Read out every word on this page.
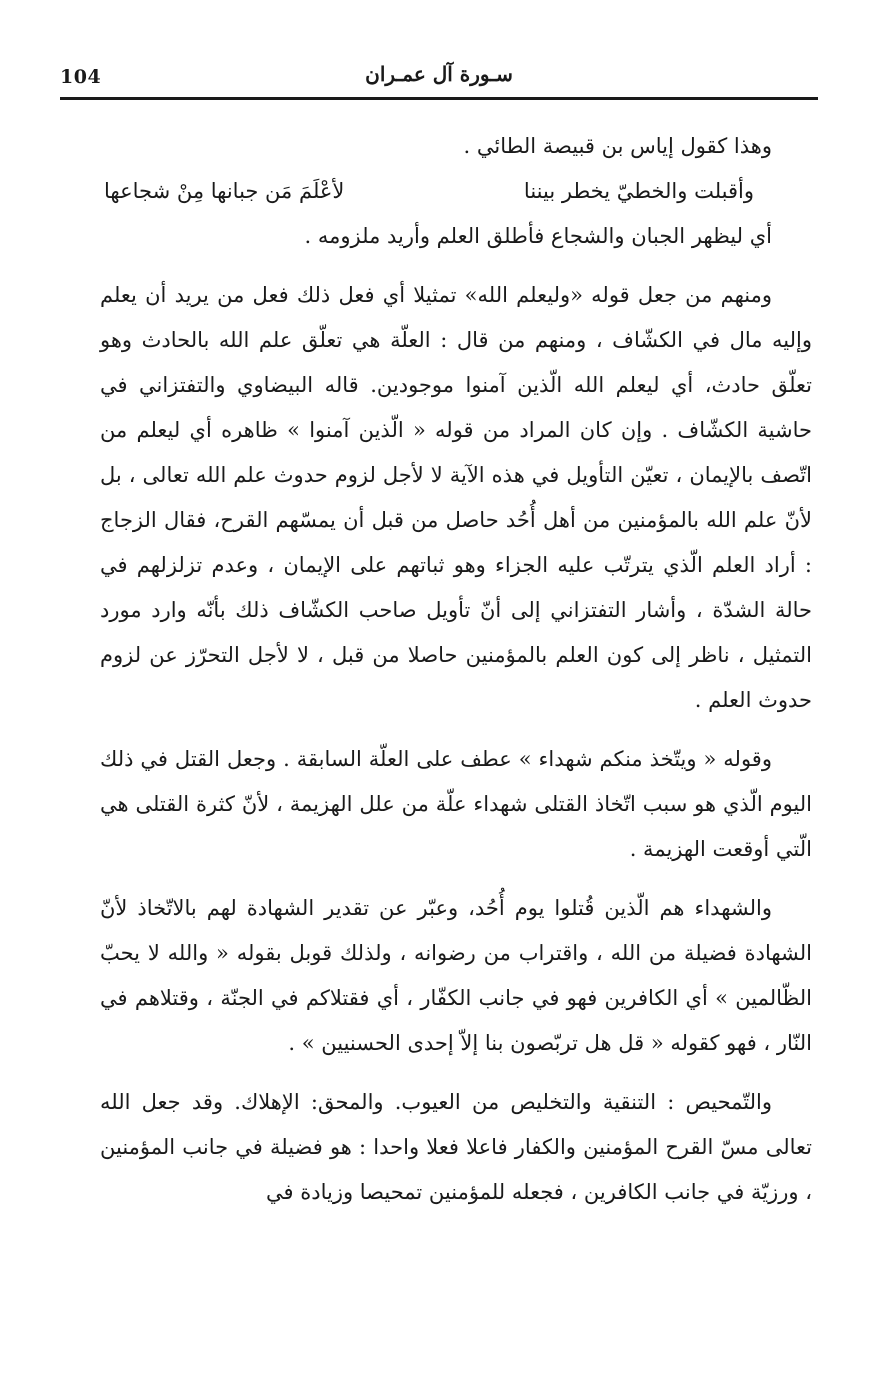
104	سـورة آل عمـران

وهذا كقول إياس بن قبيصة الطائي .

وأقبلت والخطيّ يخطر بيننا
لأعْلَمَ مَن جبانها مِنْ شجاعها

أي ليظهر الجبان والشجاع فأطلق العلم وأريد ملزومه .

ومنهم من جعل قوله «وليعلم الله» تمثيلا أي فعل ذلك فعل من يريد أن يعلم وإليه مال في الكشّاف ، ومنهم من قال : العلّة هي تعلّق علم الله بالحادث وهو تعلّق حادث، أي ليعلم الله الّذين آمنوا موجودين. قاله البيضاوي والتفتزاني في حاشية الكشّاف . وإن كان المراد من قوله « الّذين آمنوا » ظاهره أي ليعلم من اتّصف بالإيمان ، تعيّن التأويل في هذه الآية لا لأجل لزوم حدوث علم الله تعالى ، بل لأنّ علم الله بالمؤمنين من أهل أُحُد حاصل من قبل أن يمسّهم القرح، فقال الزجاج : أراد العلم الّذي يترتّب عليه الجزاء وهو ثباتهم على الإيمان ، وعدم تزلزلهم في حالة الشدّة ، وأشار التفتزاني إلى أنّ تأويل صاحب الكشّاف ذلك بأنّه وارد مورد التمثيل ، ناظر إلى كون العلم بالمؤمنين حاصلا من قبل ، لا لأجل التحرّز عن لزوم حدوث العلم .

وقوله « ويتّخذ منكم شهداء » عطف على العلّة السابقة . وجعل القتل في ذلك اليوم الّذي هو سبب اتّخاذ القتلى شهداء علّة من علل الهزيمة ، لأنّ كثرة القتلى هي الّتي أوقعت الهزيمة .

والشهداء هم الّذين قُتلوا يوم أُحُد، وعبّر عن تقدير الشهادة لهم بالاتّخاذ لأنّ الشهادة فضيلة من الله ، واقتراب من رضوانه ، ولذلك قوبل بقوله « والله لا يحبّ الظّالمين » أي الكافرين فهو في جانب الكفّار ، أي فقتلاكم في الجنّة ، وقتلاهم في النّار ، فهو كقوله « قل هل تربّصون بنا إلاّ إحدى الحسنيين » .

والتّمحيص : التنقية والتخليص من العيوب. والمحق: الإهلاك. وقد جعل الله تعالى مسّ القرح المؤمنين والكفار فاعلا فعلا واحدا : هو فضيلة في جانب المؤمنين ، ورزيّة في جانب الكافرين ، فجعله للمؤمنين تمحيصا وزيادة في
